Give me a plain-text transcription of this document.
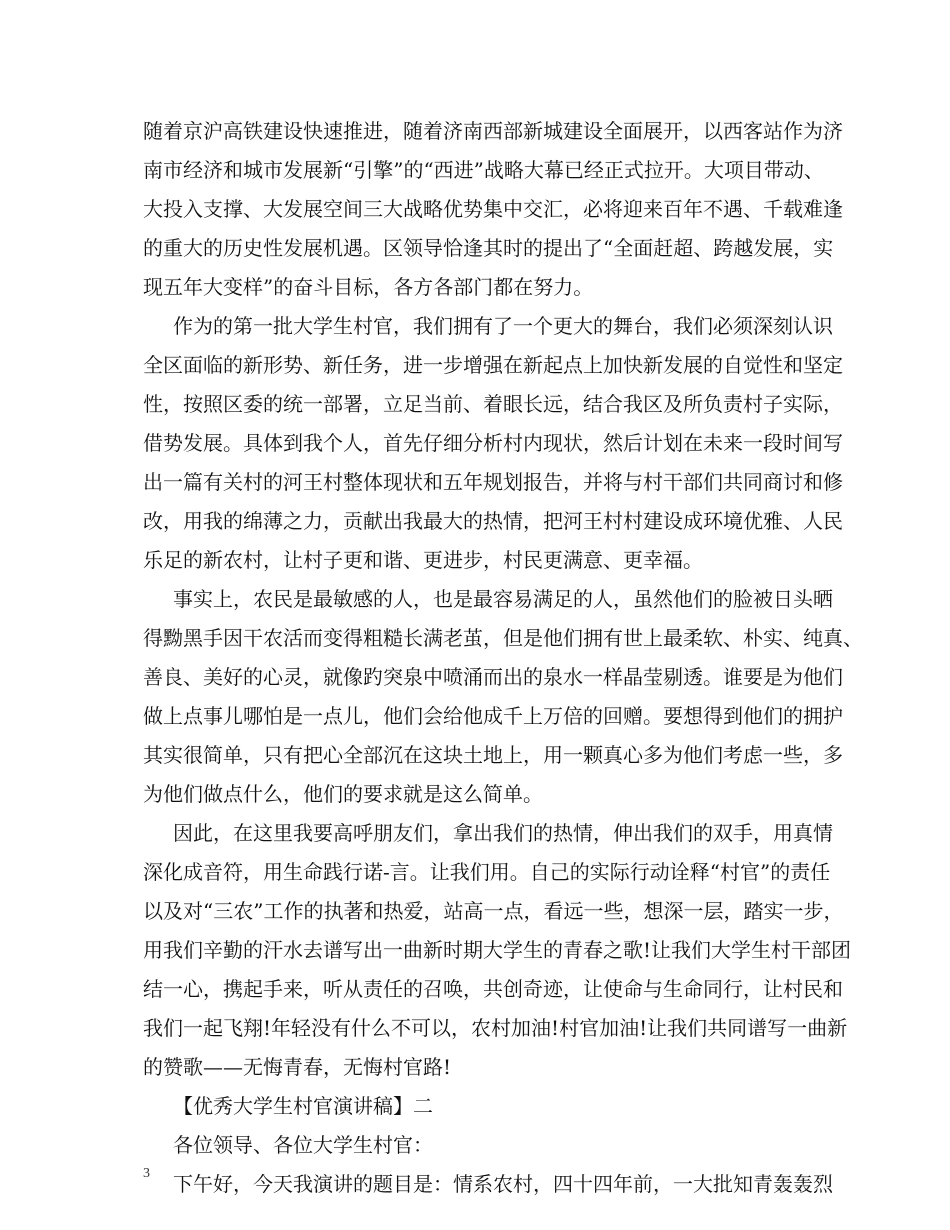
随着京沪高铁建设快速推进，随着济南西部新城建设全面展开，以西客站作为济
南市经济和城市发展新“引擎”的“西进”战略大幕已经正式拉开。大项目带动、
大投入支撑、大发展空间三大战略优势集中交汇，必将迎来百年不遇、千载难逢
的重大的历史性发展机遇。区领导恰逢其时的提出了“全面赶超、跨越发展，实
现五年大变样”的奋斗目标，各方各部门都在努力。
作为的第一批大学生村官，我们拥有了一个更大的舞台，我们必须深刻认识
全区面临的新形势、新任务，进一步增强在新起点上加快新发展的自觉性和坚定
性，按照区委的统一部署，立足当前、着眼长远，结合我区及所负责村子实际，
借势发展。具体到我个人，首先仔细分析村内现状，然后计划在未来一段时间写
出一篇有关村的河王村整体现状和五年规划报告，并将与村干部们共同商讨和修
改，用我的绵薄之力，贡献出我最大的热情，把河王村村建设成环境优雅、人民
乐足的新农村，让村子更和谐、更进步，村民更满意、更幸福。
事实上，农民是最敏感的人，也是最容易满足的人，虽然他们的脸被日头晒
得黝黑手因干农活而变得粗糙长满老茧，但是他们拥有世上最柔软、朴实、纯真、
善良、美好的心灵，就像趵突泉中喷涌而出的泉水一样晶莹剔透。谁要是为他们
做上点事儿哪怕是一点儿，他们会给他成千上万倍的回赠。要想得到他们的拥护
其实很简单，只有把心全部沉在这块土地上，用一颗真心多为他们考虑一些，多
为他们做点什么，他们的要求就是这么简单。
因此，在这里我要高呼朋友们，拿出我们的热情，伸出我们的双手，用真情
深化成音符，用生命践行诺-言。让我们用。自己的实际行动诠释“村官”的责任
以及对“三农”工作的执著和热爱，站高一点，看远一些，想深一层，踏实一步，
用我们辛勤的汗水去谱写出一曲新时期大学生的青春之歌!让我们大学生村干部团
结一心，携起手来，听从责任的召唤，共创奇迹，让使命与生命同行，让村民和
我们一起飞翔!年轻没有什么不可以，农村加油!村官加油!让我们共同谱写一曲新
的赞歌——无悔青春，无悔村官路!
【优秀大学生村官演讲稿】二
各位领导、各位大学生村官：
下午好，今天我演讲的题目是：情系农村，四十四年前，一大批知青轰轰烈
3
